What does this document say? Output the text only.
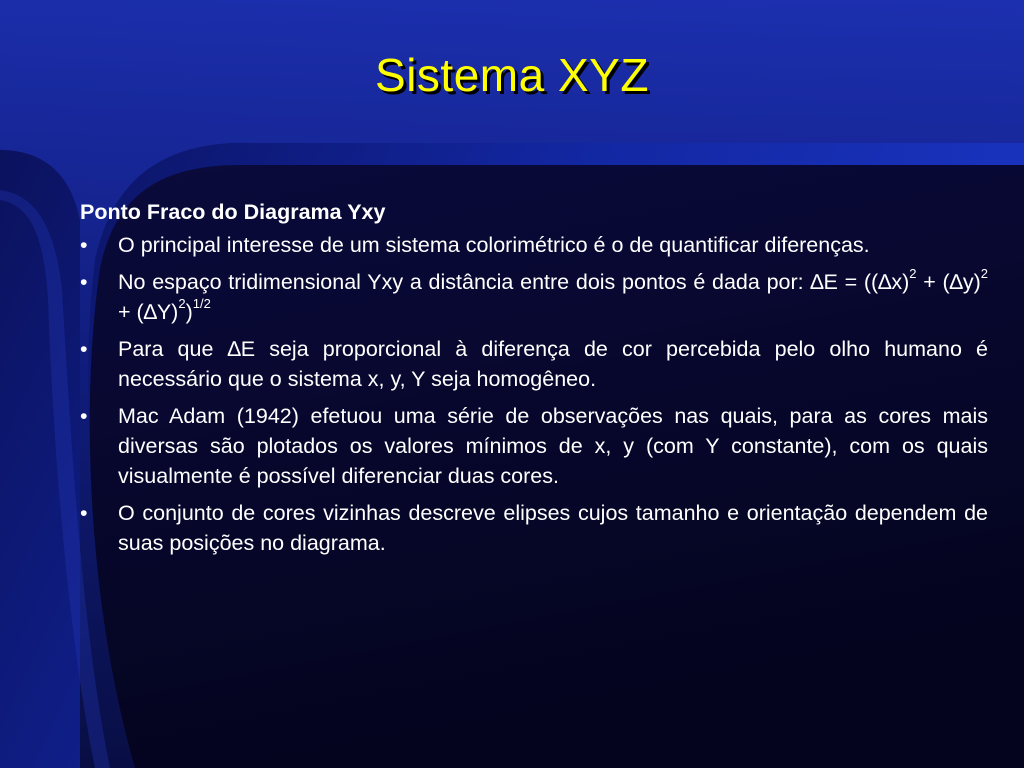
Sistema XYZ
Ponto Fraco do Diagrama Yxy
• O principal interesse de um sistema colorimétrico é o de quantificar diferenças.
• No espaço tridimensional Yxy a distância entre dois pontos é dada por: $\Delta E = ((\Delta x)^2 + (\Delta y)^2 + (\Delta Y)^2)^{1/2}$
• Para que ∆E seja proporcional à diferença de cor percebida pelo olho humano é necessário que o sistema x, y, Y seja homogêneo.
• Mac Adam (1942) efetuou uma série de observações nas quais, para as cores mais diversas são plotados os valores mínimos de x, y (com Y constante), com os quais visualmente é possível diferenciar duas cores.
• O conjunto de cores vizinhas descreve elipses cujos tamanho e orientação dependem de suas posições no diagrama.
